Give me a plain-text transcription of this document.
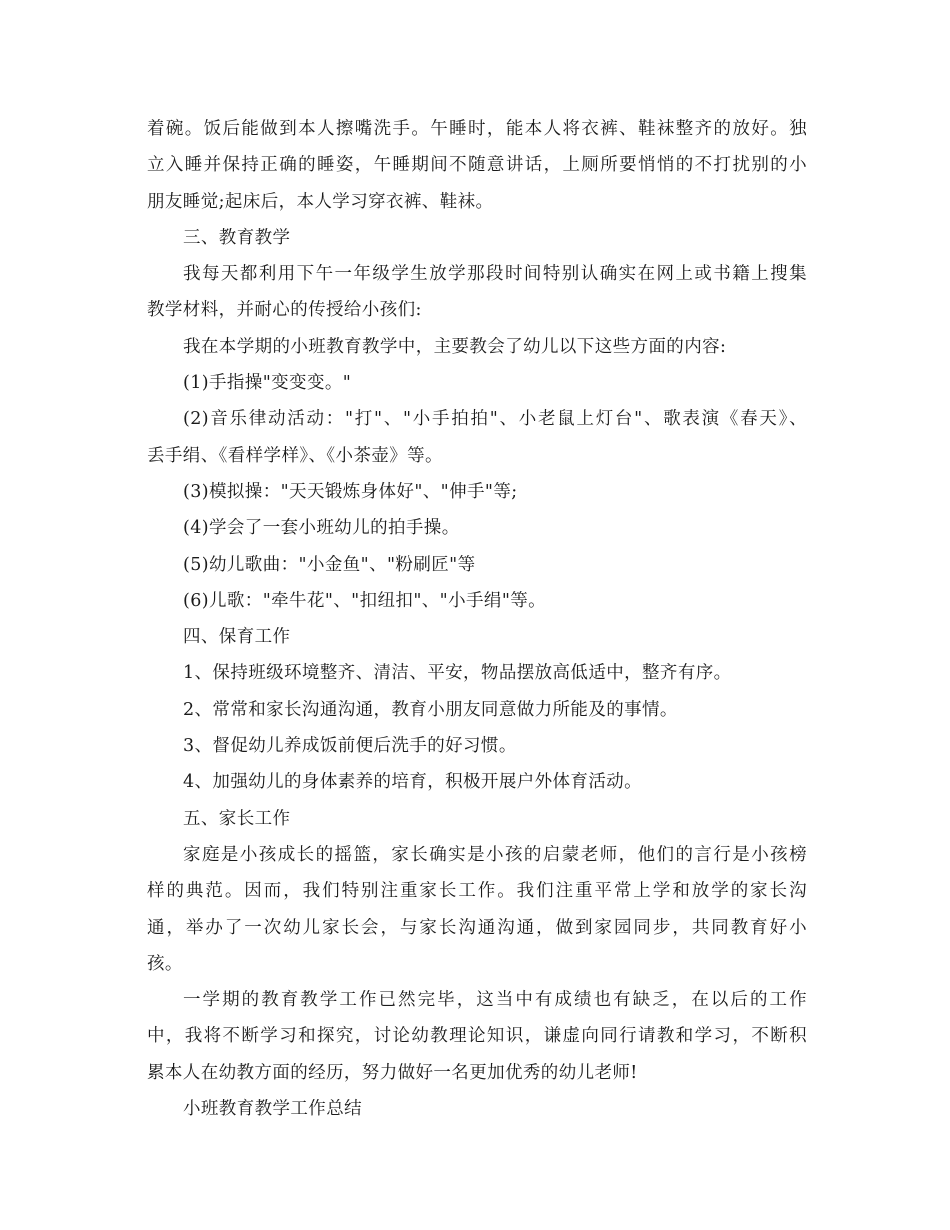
着碗。饭后能做到本人擦嘴洗手。午睡时，能本人将衣裤、鞋袜整齐的放好。独
立入睡并保持正确的睡姿，午睡期间不随意讲话，上厕所要悄悄的不打扰别的小
朋友睡觉;起床后，本人学习穿衣裤、鞋袜。
三、教育教学
我每天都利用下午一年级学生放学那段时间特别认确实在网上或书籍上搜集
教学材料，并耐心的传授给小孩们:
我在本学期的小班教育教学中，主要教会了幼儿以下这些方面的内容:
(1)手指操"变变变。"
(2)音乐律动活动："打"、"小手拍拍"、小老鼠上灯台"、歌表演《春天》、
丢手绢、《看样学样》、《小茶壶》等。
(3)模拟操："天天锻炼身体好"、"伸手"等;
(4)学会了一套小班幼儿的拍手操。
(5)幼儿歌曲："小金鱼"、"粉刷匠"等
(6)儿歌："牵牛花"、"扣纽扣"、"小手绢"等。
四、保育工作
1、保持班级环境整齐、清洁、平安，物品摆放高低适中，整齐有序。
2、常常和家长沟通沟通，教育小朋友同意做力所能及的事情。
3、督促幼儿养成饭前便后洗手的好习惯。
4、加强幼儿的身体素养的培育，积极开展户外体育活动。
五、家长工作
家庭是小孩成长的摇篮，家长确实是小孩的启蒙老师，他们的言行是小孩榜
样的典范。因而，我们特别注重家长工作。我们注重平常上学和放学的家长沟
通，举办了一次幼儿家长会，与家长沟通沟通，做到家园同步，共同教育好小
孩。
一学期的教育教学工作已然完毕，这当中有成绩也有缺乏，在以后的工作
中，我将不断学习和探究，讨论幼教理论知识，谦虚向同行请教和学习，不断积
累本人在幼教方面的经历，努力做好一名更加优秀的幼儿老师!
小班教育教学工作总结
